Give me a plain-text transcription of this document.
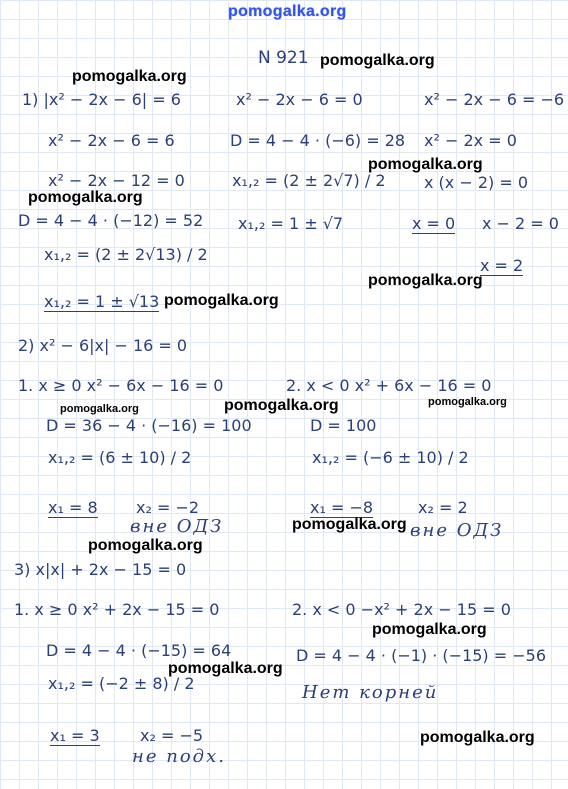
pomogalka.org
N 921
1) |x² − 2x − 6| = 6
x² − 2x − 6 = 6
x² − 2x − 12 = 0
D = 4 − 4 · (−12) = 52
x₁,₂ = (2 ± 2√13) / 2
x₁,₂ = 1 ± √13
x² − 2x − 6 = 0
D = 4 − 4 · (−6) = 28
x₁,₂ = (2 ± 2√7) / 2
x₁,₂ = 1 ± √7
x² − 2x − 6 = −6
x² − 2x = 0
x (x − 2) = 0
x = 0 x − 2 = 0
x = 2
2) x² − 6|x| − 16 = 0
1. x ≥ 0 x² − 6x − 16 = 0
D = 36 − 4 · (−16) = 100
x₁,₂ = (6 ± 10) / 2
x₁ = 8 x₂ = −2
вне ОДЗ
2. x < 0 x² + 6x − 16 = 0
D = 100
x₁,₂ = (−6 ± 10) / 2
x₁ = −8	x₂ = 2
вне ОДЗ
3) x|x| + 2x − 15 = 0
1. x ≥ 0 x² + 2x − 15 = 0
D = 4 − 4 · (−15) = 64
x₁,₂ = (−2 ± 8) / 2
x₁ = 3	x₂ = −5
не подх.
2. x < 0 −x² + 2x − 15 = 0
D = 4 − 4 · (−1) · (−15) = −56
Нет корней
pomogalka.org
pomogalka.org
pomogalka.org
pomogalka.org
pomogalka.org
pomogalka.org
pomogalka.org
pomogalka.org
pomogalka.org
pomogalka.org
pomogalka.org
pomogalka.org
pomogalka.org
pomogalka.org
